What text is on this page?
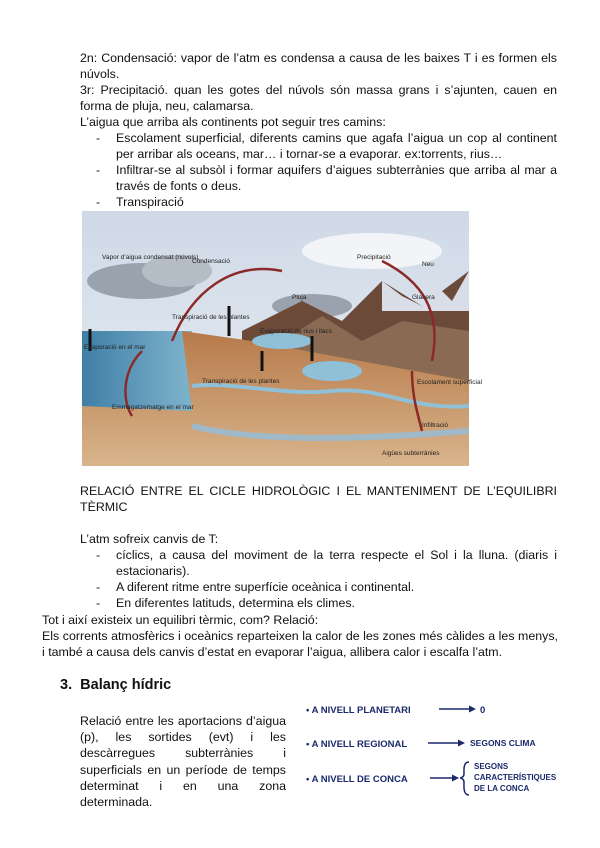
2n: Condensació: vapor de l’atm es condensa a causa de les baixes T i es formen els núvols.

3r: Precipitació. quan les gotes del núvols són massa grans i s’ajunten, cauen en forma de pluja, neu, calamarsa.

L’aigua que arriba als continents pot seguir tres camins:

- Escolament superficial, diferents camins que agafa l’aigua un cop al continent per arribar als oceans, mar… i tornar-se a evaporar. ex:torrents, rius…
- Infiltrar-se al subsòl i formar aquifers d’aigues subterrànies que arriba al mar a través de fonts o deus.
- Transpiració
Vapor d’aigua condensat (núvols)
Condensació
Precipitació
Neu
Glacera
Pluja
Transpiració de les plantes
Evaporació de rius i llacs
Evaporació en el mar
Transpiració de les plantes	Escolament superficial
Infiltració
Aigües subterrànies
Emmagatzematge en el mar

RELACIÓ ENTRE EL CICLE HIDROLÒGIC I EL MANTENIMENT DE L’EQUILIBRI TÈRMIC

L’atm sofreix canvis de T:

- cíclics, a causa del moviment de la terra respecte el Sol i la lluna. (diaris i estacionaris).
- A diferent ritme entre superfície oceànica i continental.
- En diferentes latituds, determina els climes.

Tot i així existeix un equilibri tèrmic, com? Relació:

Els corrents atmosfèrics i oceànics reparteixen la calor de les zones més càlides a les menys, i també a causa dels canvis d’estat en evaporar l’aigua, allibera calor i escalfa l’atm.

3. Balanç hídric
Relació entre les aportacions d’aigua (p), les sortides (evt) i les descàrregues subterrànies i superficials en un període de temps determinat i en una zona determinada.
• A NIVELL PLANETARI	0
• A NIVELL REGIONAL	SEGONS CLIMA
• A NIVELL DE CONCA
SEGONS
CARACTERÍSTIQUES
DE LA CONCA
